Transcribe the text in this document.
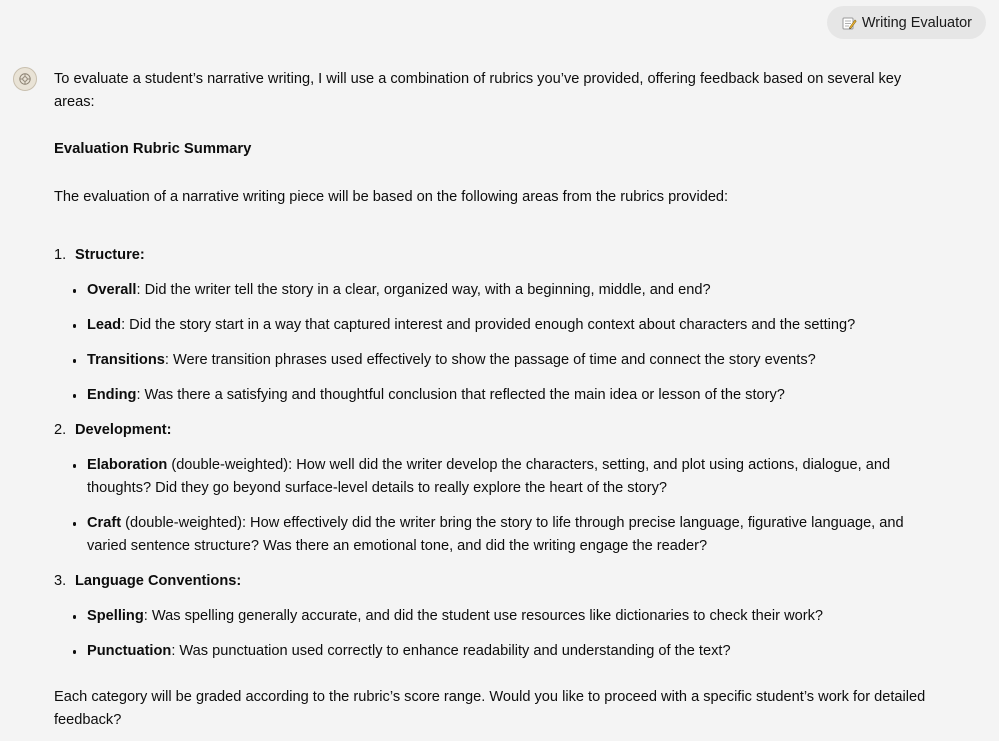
Writing Evaluator

To evaluate a student’s narrative writing, I will use a combination of rubrics you’ve provided, offering feedback based on several key areas:

Evaluation Rubric Summary

The evaluation of a narrative writing piece will be based on the following areas from the rubrics provided:

1. Structure:
Overall: Did the writer tell the story in a clear, organized way, with a beginning, middle, and end?
Lead: Did the story start in a way that captured interest and provided enough context about characters and the setting?
Transitions: Were transition phrases used effectively to show the passage of time and connect the story events?
Ending: Was there a satisfying and thoughtful conclusion that reflected the main idea or lesson of the story?
2. Development:
Elaboration (double-weighted): How well did the writer develop the characters, setting, and plot using actions, dialogue, and thoughts? Did they go beyond surface-level details to really explore the heart of the story?
Craft (double-weighted): How effectively did the writer bring the story to life through precise language, figurative language, and varied sentence structure? Was there an emotional tone, and did the writing engage the reader?
3. Language Conventions:
Spelling: Was spelling generally accurate, and did the student use resources like dictionaries to check their work?
Punctuation: Was punctuation used correctly to enhance readability and understanding of the text?

Each category will be graded according to the rubric’s score range. Would you like to proceed with a specific student’s work for detailed feedback?
